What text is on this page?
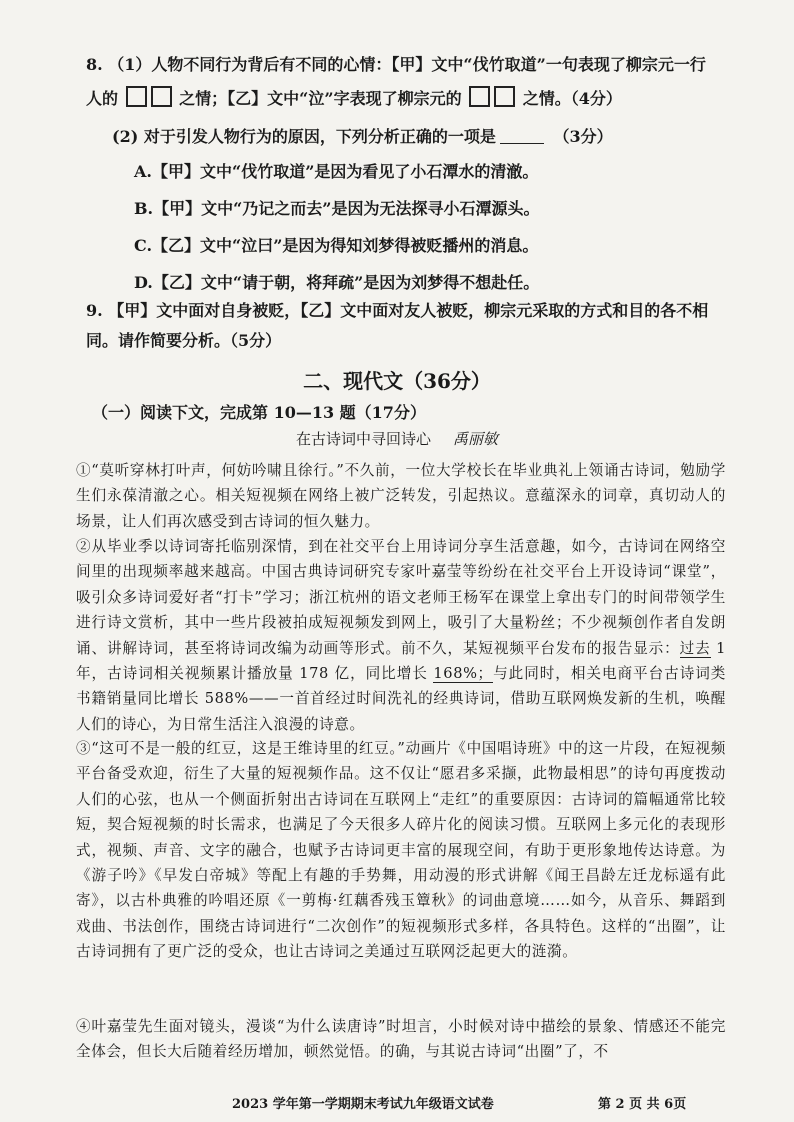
8. （1）人物不同行为背后有不同的心情：【甲】文中“伐竹取道”一句表现了柳宗元一行
人的	之情；【乙】文中“泣”字表现了柳宗元的	之情。（4分）
(2) 对于引发人物行为的原因，下列分析正确的一项是	（3分）
A.【甲】文中“伐竹取道”是因为看见了小石潭水的清澈。
B.【甲】文中“乃记之而去”是因为无法探寻小石潭源头。
C.【乙】文中“泣曰”是因为得知刘梦得被贬播州的消息。
D.【乙】文中“请于朝，将拜疏”是因为刘梦得不想赴任。
9. 【甲】文中面对自身被贬，【乙】文中面对友人被贬，柳宗元采取的方式和目的各不相
同。请作简要分析。（5分）
二、现代文（36分）
（一）阅读下文，完成第 10—13 题（17分）
在古诗词中寻回诗心 禹丽敏
①“莫听穿林打叶声，何妨吟啸且徐行。”不久前，一位大学校长在毕业典礼上领诵古诗词，勉励学生们永葆清澈之心。相关短视频在网络上被广泛转发，引起热议。意蕴深永的词章，真切动人的场景，让人们再次感受到古诗词的恒久魅力。
②从毕业季以诗词寄托临别深情，到在社交平台上用诗词分享生活意趣，如今，古诗词在网络空间里的出现频率越来越高。中国古典诗词研究专家叶嘉莹等纷纷在社交平台上开设诗词“课堂”，吸引众多诗词爱好者“打卡”学习；浙江杭州的语文老师王杨军在课堂上拿出专门的时间带领学生进行诗文赏析，其中一些片段被拍成短视频发到网上，吸引了大量粉丝；不少视频创作者自发朗诵、讲解诗词，甚至将诗词改编为动画等形式。前不久，某短视频平台发布的报告显示：过去 1 年，古诗词相关视频累计播放量 178 亿，同比增长 168%；与此同时，相关电商平台古诗词类书籍销量同比增长 588%——一首首经过时间洗礼的经典诗词，借助互联网焕发新的生机，唤醒人们的诗心，为日常生活注入浪漫的诗意。
③“这可不是一般的红豆，这是王维诗里的红豆。”动画片《中国唱诗班》中的这一片段，在短视频平台备受欢迎，衍生了大量的短视频作品。这不仅让“愿君多采撷，此物最相思”的诗句再度拨动人们的心弦，也从一个侧面折射出古诗词在互联网上“走红”的重要原因：古诗词的篇幅通常比较短，契合短视频的时长需求，也满足了今天很多人碎片化的阅读习惯。互联网上多元化的表现形式，视频、声音、文字的融合，也赋予古诗词更丰富的展现空间，有助于更形象地传达诗意。为《游子吟》《早发白帝城》等配上有趣的手势舞，用动漫的形式讲解《闻王昌龄左迁龙标遥有此寄》，以古朴典雅的吟唱还原《一剪梅·红藕香残玉簟秋》的词曲意境……如今，从音乐、舞蹈到戏曲、书法创作，围绕古诗词进行“二次创作”的短视频形式多样，各具特色。这样的“出圈”，让古诗词拥有了更广泛的受众，也让古诗词之美通过互联网泛起更大的涟漪。
④叶嘉莹先生面对镜头，漫谈“为什么读唐诗”时坦言，小时候对诗中描绘的景象、情感还不能完全体会，但长大后随着经历增加，顿然觉悟。的确，与其说古诗词“出圈”了，不
2023 学年第一学期期末考试九年级语文试卷	第 2 页 共 6页
